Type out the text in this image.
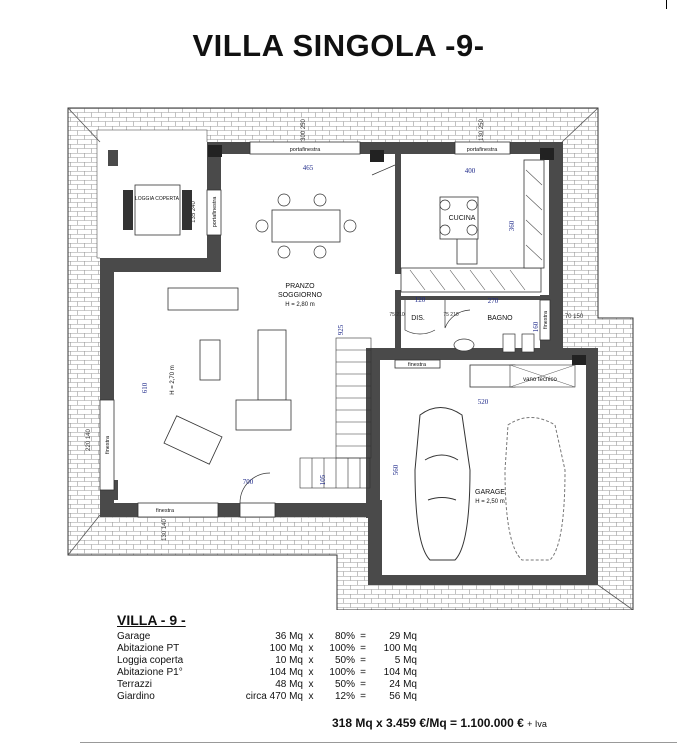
VILLA SINGOLA -9-
PRANZO
SOGGIORNO
H = 2,80 m
CUCINA
BAGNO
DIS.
GARAGE
H = 2,50 m
LOGGIA COPERTA
vano tecnico
H = 2,70 m
portafinestra	portafinestra
portafinestra
finestra
finestra
finestra
finestra
465	400
270
520
700
120
360
925
610
560
105
160
300 250	130 250
135 240
220 140
130 140
70 150
75 210	75 210
VILLA - 9 -
Garage	36 Mq x	80% =	29 Mq
Abitazione PT	100 Mq x	100% =	100 Mq
Loggia coperta	10 Mq x	50% =	5 Mq
Abitazione P1°	104 Mq x	100% =	104 Mq
Terrazzi	48 Mq x	50% =	24 Mq
Giardino	circa 470 Mq x	12% =	56 Mq
318 Mq x 3.459 €/Mq = 1.100.000 € + Iva
